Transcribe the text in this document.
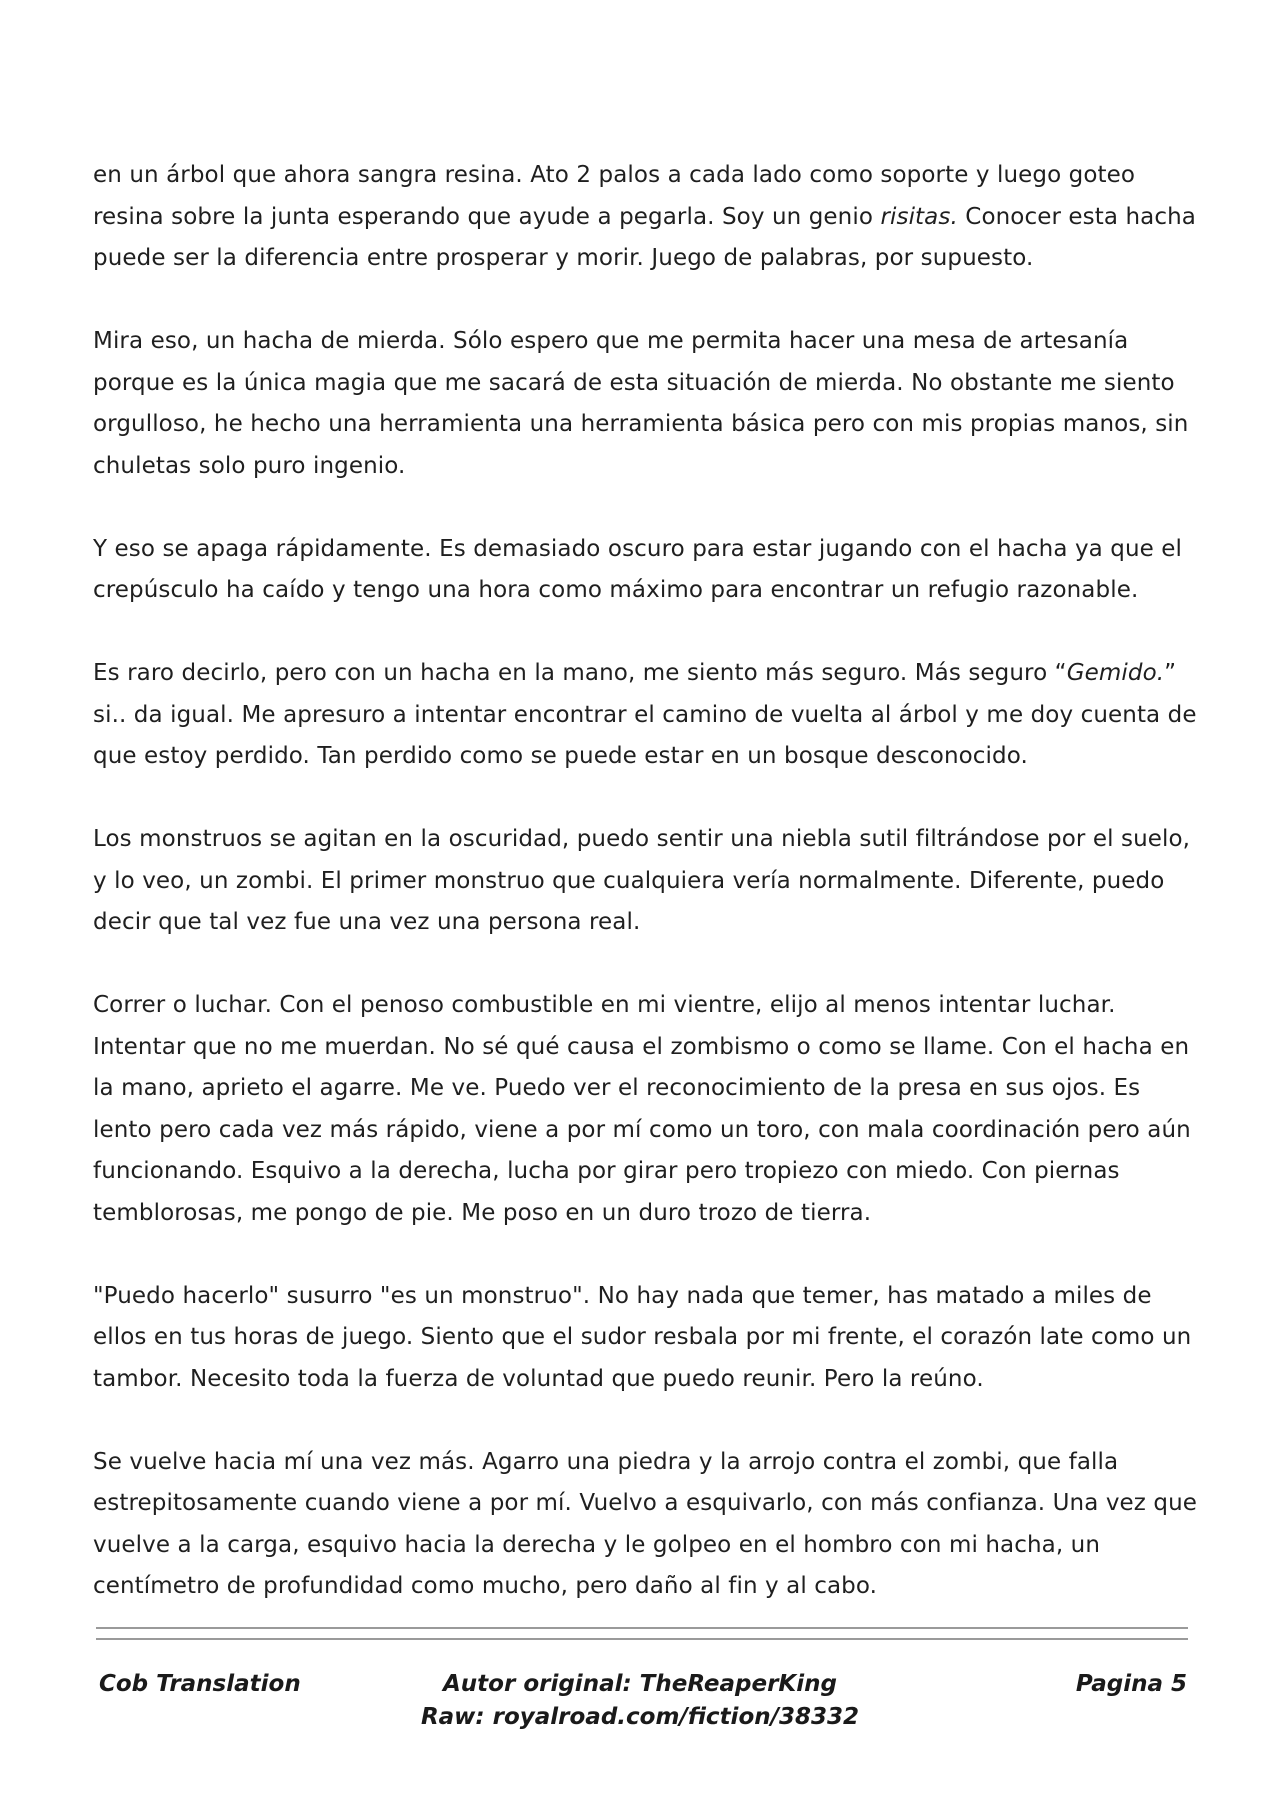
en un árbol que ahora sangra resina. Ato 2 palos a cada lado como soporte y luego goteo resina sobre la junta esperando que ayude a pegarla. Soy un genio risitas. Conocer esta hacha puede ser la diferencia entre prosperar y morir. Juego de palabras, por supuesto.

Mira eso, un hacha de mierda. Sólo espero que me permita hacer una mesa de artesanía porque es la única magia que me sacará de esta situación de mierda. No obstante me siento orgulloso, he hecho una herramienta una herramienta básica pero con mis propias manos, sin chuletas solo puro ingenio.

Y eso se apaga rápidamente. Es demasiado oscuro para estar jugando con el hacha ya que el crepúsculo ha caído y tengo una hora como máximo para encontrar un refugio razonable.

Es raro decirlo, pero con un hacha en la mano, me siento más seguro. Más seguro “Gemido.” si.. da igual. Me apresuro a intentar encontrar el camino de vuelta al árbol y me doy cuenta de que estoy perdido. Tan perdido como se puede estar en un bosque desconocido.

Los monstruos se agitan en la oscuridad, puedo sentir una niebla sutil filtrándose por el suelo, y lo veo, un zombi. El primer monstruo que cualquiera vería normalmente. Diferente, puedo decir que tal vez fue una vez una persona real.

Correr o luchar. Con el penoso combustible en mi vientre, elijo al menos intentar luchar. Intentar que no me muerdan. No sé qué causa el zombismo o como se llame. Con el hacha en la mano, aprieto el agarre. Me ve. Puedo ver el reconocimiento de la presa en sus ojos. Es lento pero cada vez más rápido, viene a por mí como un toro, con mala coordinación pero aún funcionando. Esquivo a la derecha, lucha por girar pero tropiezo con miedo. Con piernas temblorosas, me pongo de pie. Me poso en un duro trozo de tierra.

"Puedo hacerlo" susurro "es un monstruo". No hay nada que temer, has matado a miles de ellos en tus horas de juego. Siento que el sudor resbala por mi frente, el corazón late como un tambor. Necesito toda la fuerza de voluntad que puedo reunir. Pero la reúno.

Se vuelve hacia mí una vez más. Agarro una piedra y la arrojo contra el zombi, que falla estrepitosamente cuando viene a por mí. Vuelvo a esquivarlo, con más confianza. Una vez que vuelve a la carga, esquivo hacia la derecha y le golpeo en el hombro con mi hacha, un centímetro de profundidad como mucho, pero daño al fin y al cabo.

Cob Translation	Autor original: TheReaperKing
Raw: royalroad.com/fiction/38332
Pagina 5
